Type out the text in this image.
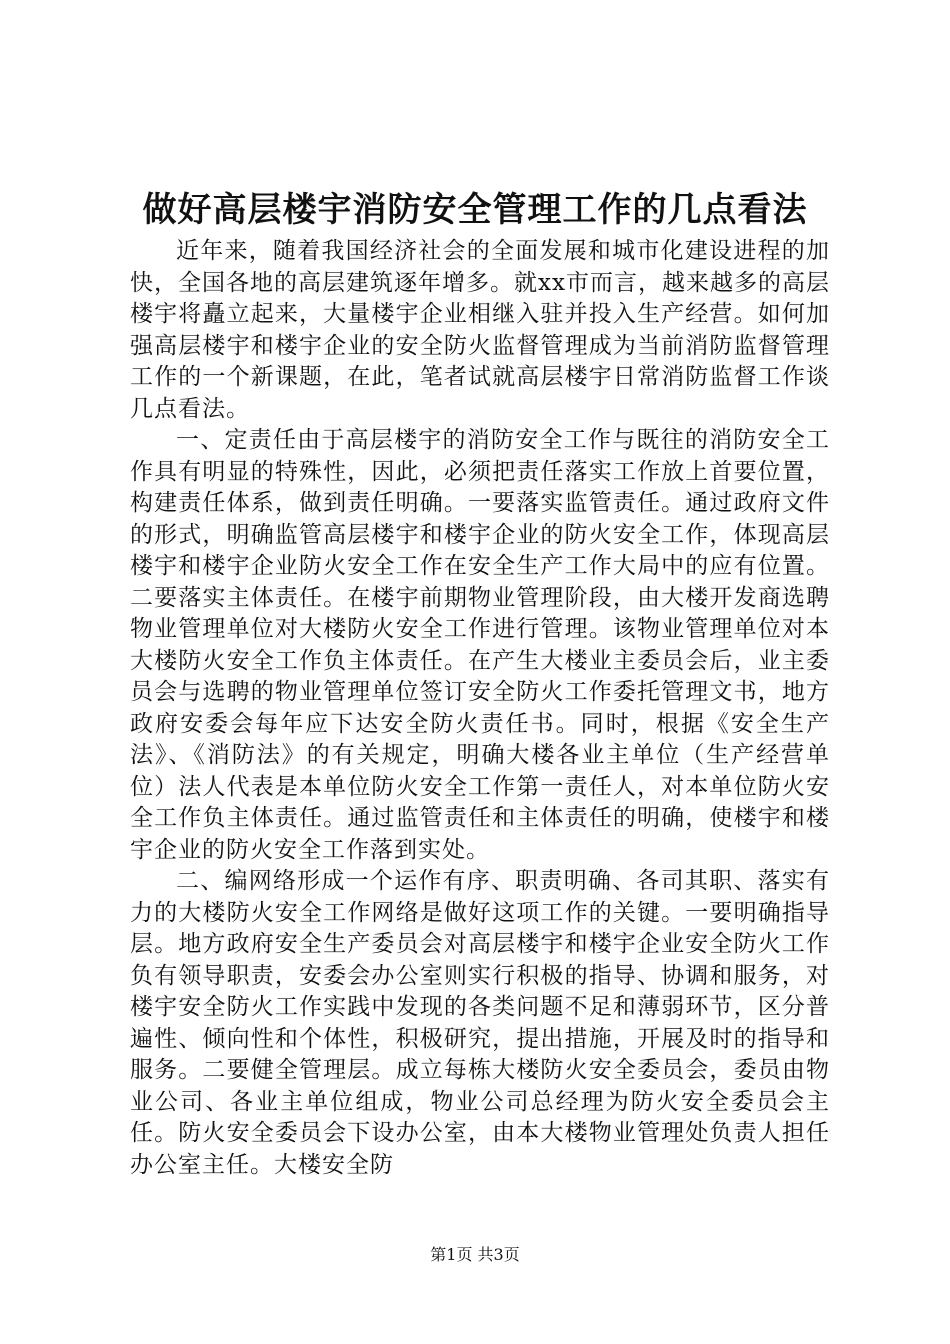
做好高层楼宇消防安全管理工作的几点看法

近年来，随着我国经济社会的全面发展和城市化建设进程的加快，全国各地的高层建筑逐年增多。就xx市而言，越来越多的高层楼宇将矗立起来，大量楼宇企业相继入驻并投入生产经营。如何加强高层楼宇和楼宇企业的安全防火监督管理成为当前消防监督管理工作的一个新课题，在此，笔者试就高层楼宇日常消防监督工作谈几点看法。

一、定责任由于高层楼宇的消防安全工作与既往的消防安全工作具有明显的特殊性，因此，必须把责任落实工作放上首要位置，构建责任体系，做到责任明确。一要落实监管责任。通过政府文件的形式，明确监管高层楼宇和楼宇企业的防火安全工作，体现高层楼宇和楼宇企业防火安全工作在安全生产工作大局中的应有位置。二要落实主体责任。在楼宇前期物业管理阶段，由大楼开发商选聘物业管理单位对大楼防火安全工作进行管理。该物业管理单位对本大楼防火安全工作负主体责任。在产生大楼业主委员会后，业主委员会与选聘的物业管理单位签订安全防火工作委托管理文书，地方政府安委会每年应下达安全防火责任书。同时，根据《安全生产法》、《消防法》的有关规定，明确大楼各业主单位（生产经营单位）法人代表是本单位防火安全工作第一责任人，对本单位防火安全工作负主体责任。通过监管责任和主体责任的明确，使楼宇和楼宇企业的防火安全工作落到实处。

二、编网络形成一个运作有序、职责明确、各司其职、落实有力的大楼防火安全工作网络是做好这项工作的关键。一要明确指导层。地方政府安全生产委员会对高层楼宇和楼宇企业安全防火工作负有领导职责，安委会办公室则实行积极的指导、协调和服务，对楼宇安全防火工作实践中发现的各类问题不足和薄弱环节，区分普遍性、倾向性和个体性，积极研究，提出措施，开展及时的指导和服务。二要健全管理层。成立每栋大楼防火安全委员会，委员由物业公司、各业主单位组成，物业公司总经理为防火安全委员会主任。防火安全委员会下设办公室，由本大楼物业管理处负责人担任办公室主任。大楼安全防

第1页 共3页
